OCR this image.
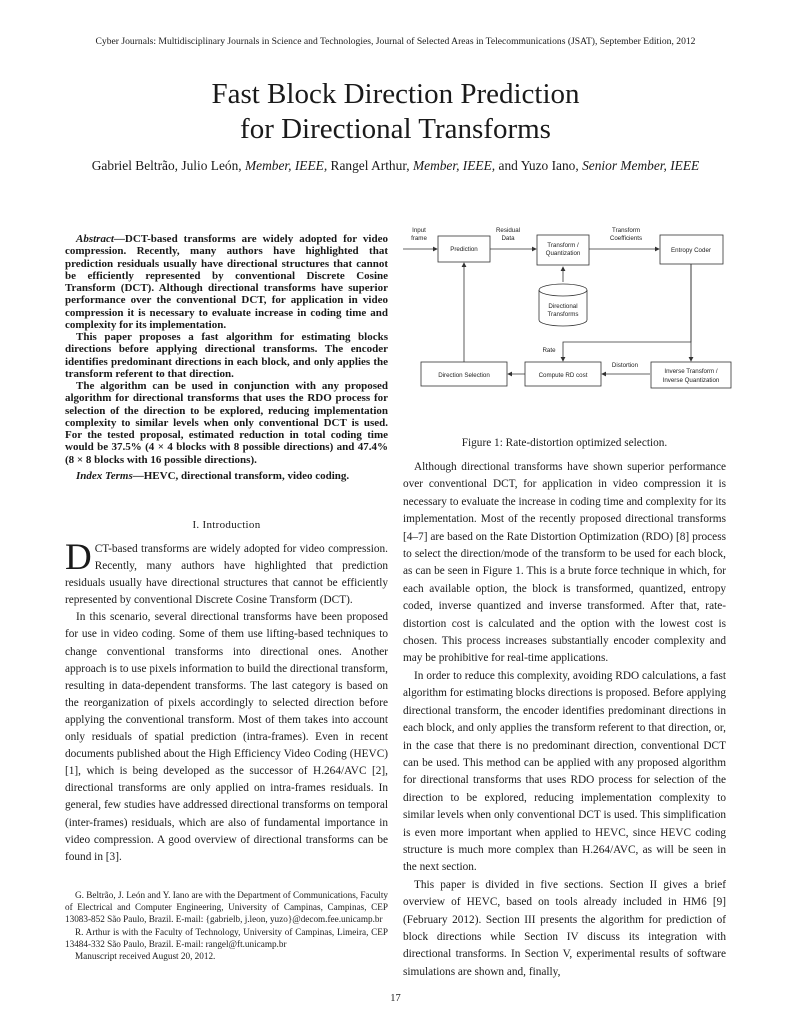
Cyber Journals: Multidisciplinary Journals in Science and Technologies, Journal of Selected Areas in Telecommunications (JSAT), September Edition, 2012
Fast Block Direction Prediction
for Directional Transforms
Gabriel Beltrão, Julio León, Member, IEEE, Rangel Arthur, Member, IEEE, and Yuzo Iano, Senior Member, IEEE

Abstract—DCT-based transforms are widely adopted for video compression. Recently, many authors have highlighted that prediction residuals usually have directional structures that cannot be efficiently represented by conventional Discrete Cosine Transform (DCT). Although directional transforms have superior performance over the conventional DCT, for application in video compression it is necessary to evaluate increase in coding time and complexity for its implementation.

This paper proposes a fast algorithm for estimating blocks directions before applying directional transforms. The encoder identifies predominant directions in each block, and only applies the transform referent to that direction.

The algorithm can be used in conjunction with any proposed algorithm for directional transforms that uses the RDO process for selection of the direction to be explored, reducing implementation complexity to similar levels when only conventional DCT is used. For the tested proposal, estimated reduction in total coding time would be 37.5% (4 × 4 blocks with 8 possible directions) and 47.4% (8 × 8 blocks with 16 possible directions).

Index Terms—HEVC, directional transform, video coding.

I. Introduction

DCT-based transforms are widely adopted for video compression. Recently, many authors have highlighted that prediction residuals usually have directional structures that cannot be efficiently represented by conventional Discrete Cosine Transform (DCT).

In this scenario, several directional transforms have been proposed for use in video coding. Some of them use lifting-based techniques to change conventional transforms into directional ones. Another approach is to use pixels information to build the directional transform, resulting in data-dependent transforms. The last category is based on the reorganization of pixels accordingly to selected direction before applying the conventional transform. Most of them takes into account only residuals of spatial prediction (intra-frames). Even in recent documents published about the High Efficiency Video Coding (HEVC) [1], which is being developed as the successor of H.264/AVC [2], directional transforms are only applied on intra-frames residuals. In general, few studies have addressed directional transforms on temporal (inter-frames) residuals, which are also of fundamental importance in video compression. A good overview of directional transforms can be found in [3].

G. Beltrão, J. León and Y. Iano are with the Department of Communications, Faculty of Electrical and Computer Engineering, University of Campinas, Campinas, CEP 13083-852 São Paulo, Brazil. E-mail: {gabrielb, j.leon, yuzo}@decom.fee.unicamp.br

R. Arthur is with the Faculty of Technology, University of Campinas, Limeira, CEP 13484-332 São Paulo, Brazil. E-mail: rangel@ft.unicamp.br

Manuscript received August 20, 2012.

Input
frame
Residual
Data
Transform
Coefficients
Prediction
Transform /
Quantization	Entropy Coder
Directional
Transforms
Rate
Direction Selection	Compute RD cost
Distortion
Inverse Transform /
Inverse Quantization
Figure 1: Rate-distortion optimized selection.

Although directional transforms have shown superior performance over conventional DCT, for application in video compression it is necessary to evaluate the increase in coding time and complexity for its implementation. Most of the recently proposed directional transforms [4–7] are based on the Rate Distortion Optimization (RDO) [8] process to select the direction/mode of the transform to be used for each block, as can be seen in Figure 1. This is a brute force technique in which, for each available option, the block is transformed, quantized, entropy coded, inverse quantized and inverse transformed. After that, rate-distortion cost is calculated and the option with the lowest cost is chosen. This process increases substantially encoder complexity and may be prohibitive for real-time applications.

In order to reduce this complexity, avoiding RDO calculations, a fast algorithm for estimating blocks directions is proposed. Before applying directional transform, the encoder identifies predominant directions in each block, and only applies the transform referent to that direction, or, in the case that there is no predominant direction, conventional DCT can be used. This method can be applied with any proposed algorithm for directional transforms that uses RDO process for selection of the direction to be explored, reducing implementation complexity to similar levels when only conventional DCT is used. This simplification is even more important when applied to HEVC, since HEVC coding structure is much more complex than H.264/AVC, as will be seen in the next section.

This paper is divided in five sections. Section II gives a brief overview of HEVC, based on tools already included in HM6 [9] (February 2012). Section III presents the algorithm for prediction of block directions while Section IV discuss its integration with directional transforms. In Section V, experimental results of software simulations are shown and, finally,

17
